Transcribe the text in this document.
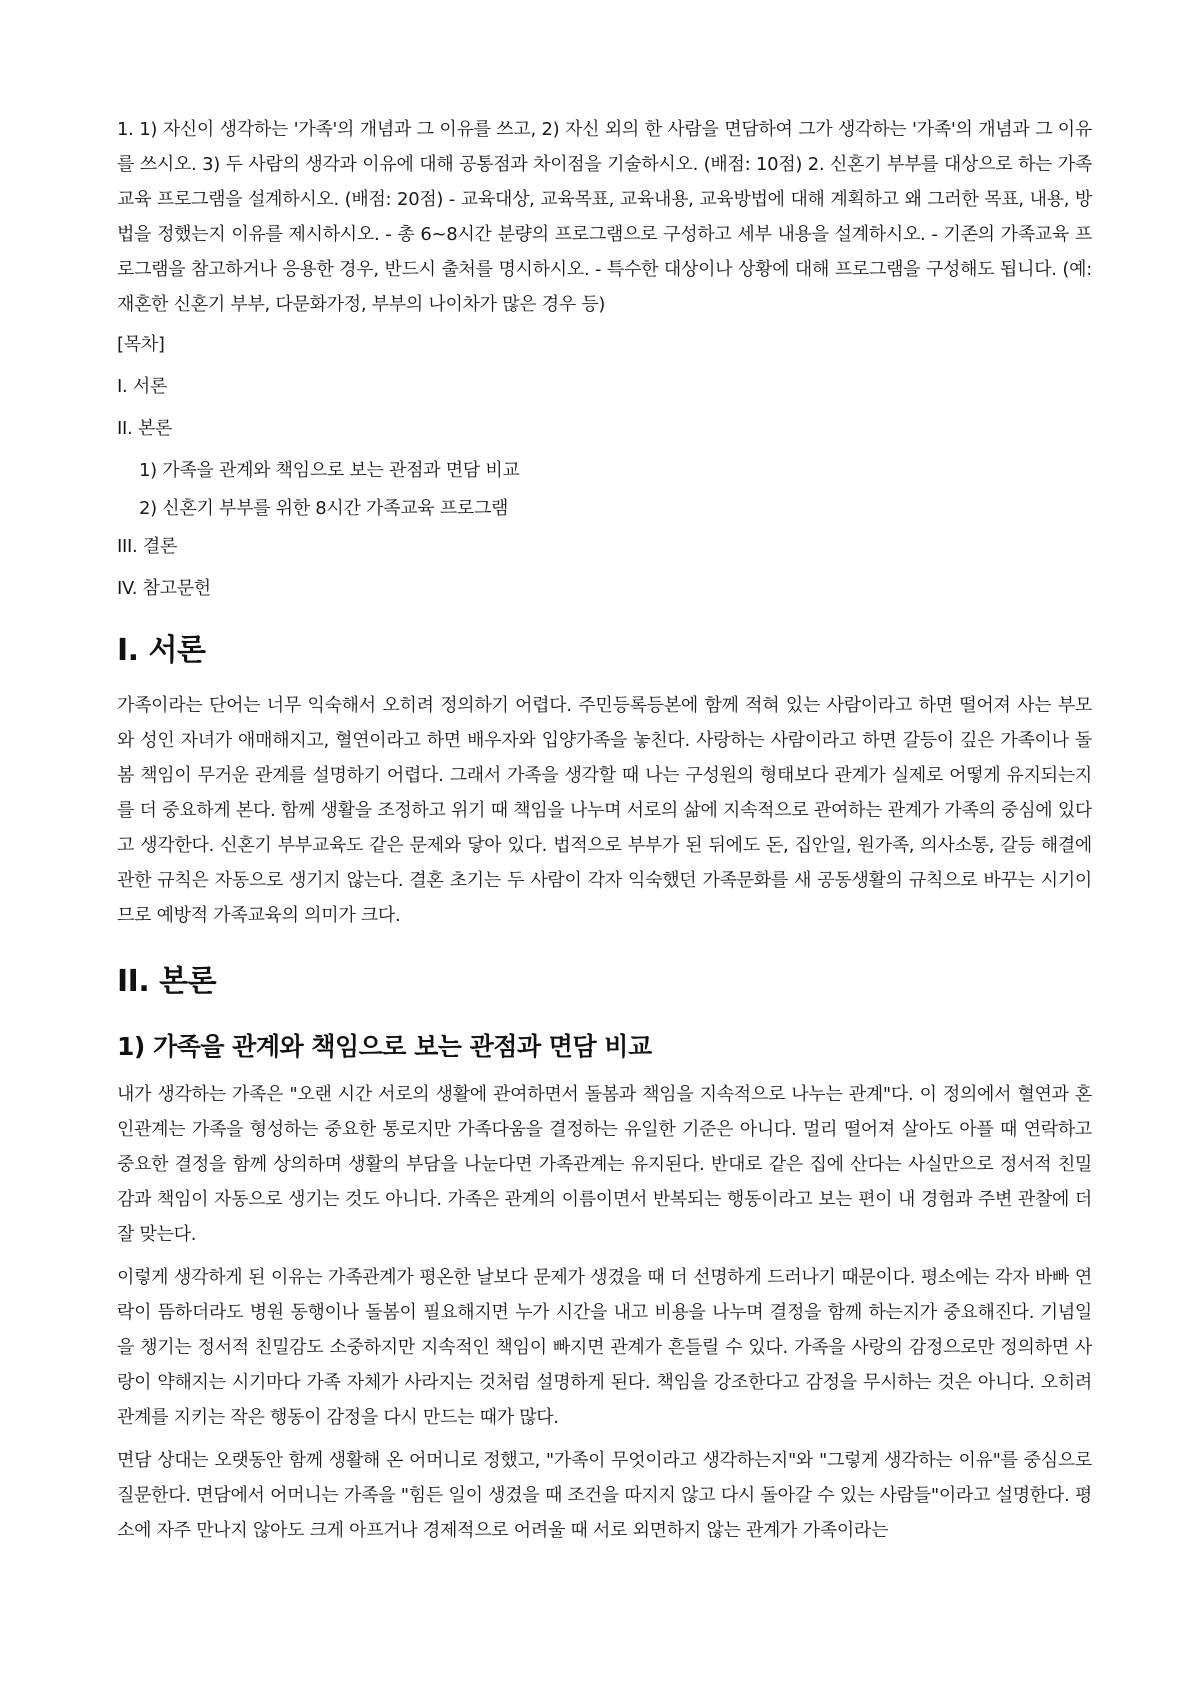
1. 1) 자신이 생각하는 '가족'의 개념과 그 이유를 쓰고, 2) 자신 외의 한 사람을 면담하여 그가 생각하는 '가족'의 개념과 그 이유를 쓰시오. 3) 두 사람의 생각과 이유에 대해 공통점과 차이점을 기술하시오. (배점: 10점) 2. 신혼기 부부를 대상으로 하는 가족교육 프로그램을 설계하시오. (배점: 20점) - 교육대상, 교육목표, 교육내용, 교육방법에 대해 계획하고 왜 그러한 목표, 내용, 방법을 정했는지 이유를 제시하시오. - 총 6~8시간 분량의 프로그램으로 구성하고 세부 내용을 설계하시오. - 기존의 가족교육 프로그램을 참고하거나 응용한 경우, 반드시 출처를 명시하시오. - 특수한 대상이나 상황에 대해 프로그램을 구성해도 됩니다. (예: 재혼한 신혼기 부부, 다문화가정, 부부의 나이차가 많은 경우 등)

[목차]
I. 서론
II. 본론
1) 가족을 관계와 책임으로 보는 관점과 면담 비교
2) 신혼기 부부를 위한 8시간 가족교육 프로그램
III. 결론
IV. 참고문헌
I. 서론

가족이라는 단어는 너무 익숙해서 오히려 정의하기 어렵다. 주민등록등본에 함께 적혀 있는 사람이라고 하면 떨어져 사는 부모와 성인 자녀가 애매해지고, 혈연이라고 하면 배우자와 입양가족을 놓친다. 사랑하는 사람이라고 하면 갈등이 깊은 가족이나 돌봄 책임이 무거운 관계를 설명하기 어렵다. 그래서 가족을 생각할 때 나는 구성원의 형태보다 관계가 실제로 어떻게 유지되는지를 더 중요하게 본다. 함께 생활을 조정하고 위기 때 책임을 나누며 서로의 삶에 지속적으로 관여하는 관계가 가족의 중심에 있다고 생각한다. 신혼기 부부교육도 같은 문제와 닿아 있다. 법적으로 부부가 된 뒤에도 돈, 집안일, 원가족, 의사소통, 갈등 해결에 관한 규칙은 자동으로 생기지 않는다. 결혼 초기는 두 사람이 각자 익숙했던 가족문화를 새 공동생활의 규칙으로 바꾸는 시기이므로 예방적 가족교육의 의미가 크다.

II. 본론
1) 가족을 관계와 책임으로 보는 관점과 면담 비교

내가 생각하는 가족은 "오랜 시간 서로의 생활에 관여하면서 돌봄과 책임을 지속적으로 나누는 관계"다. 이 정의에서 혈연과 혼인관계는 가족을 형성하는 중요한 통로지만 가족다움을 결정하는 유일한 기준은 아니다. 멀리 떨어져 살아도 아플 때 연락하고 중요한 결정을 함께 상의하며 생활의 부담을 나눈다면 가족관계는 유지된다. 반대로 같은 집에 산다는 사실만으로 정서적 친밀감과 책임이 자동으로 생기는 것도 아니다. 가족은 관계의 이름이면서 반복되는 행동이라고 보는 편이 내 경험과 주변 관찰에 더 잘 맞는다.

이렇게 생각하게 된 이유는 가족관계가 평온한 날보다 문제가 생겼을 때 더 선명하게 드러나기 때문이다. 평소에는 각자 바빠 연락이 뜸하더라도 병원 동행이나 돌봄이 필요해지면 누가 시간을 내고 비용을 나누며 결정을 함께 하는지가 중요해진다. 기념일을 챙기는 정서적 친밀감도 소중하지만 지속적인 책임이 빠지면 관계가 흔들릴 수 있다. 가족을 사랑의 감정으로만 정의하면 사랑이 약해지는 시기마다 가족 자체가 사라지는 것처럼 설명하게 된다. 책임을 강조한다고 감정을 무시하는 것은 아니다. 오히려 관계를 지키는 작은 행동이 감정을 다시 만드는 때가 많다.

면담 상대는 오랫동안 함께 생활해 온 어머니로 정했고, "가족이 무엇이라고 생각하는지"와 "그렇게 생각하는 이유"를 중심으로 질문한다. 면담에서 어머니는 가족을 "힘든 일이 생겼을 때 조건을 따지지 않고 다시 돌아갈 수 있는 사람들"이라고 설명한다. 평소에 자주 만나지 않아도 크게 아프거나 경제적으로 어려울 때 서로 외면하지 않는 관계가 가족이라는
